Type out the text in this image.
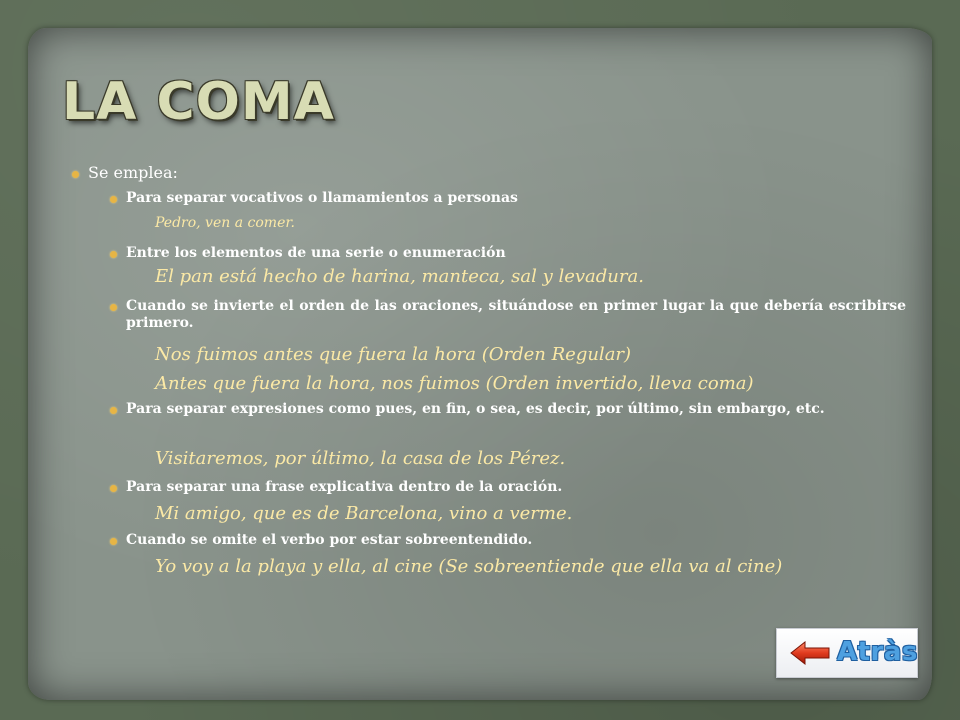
LA COMA
Se emplea:
Para separar vocativos o llamamientos a personas
Pedro, ven a comer.
Entre los elementos de una serie o enumeración
El pan está hecho de harina, manteca, sal y levadura.
Cuando se invierte el orden de las oraciones, situándose en primer lugar la que debería escribirse primero.
Nos fuimos antes que fuera la hora (Orden Regular)
Antes que fuera la hora, nos fuimos (Orden invertido, lleva coma)
Para separar expresiones como pues, en fin, o sea, es decir, por último, sin embargo, etc.
Visitaremos, por último, la casa de los Pérez.
Para separar una frase explicativa dentro de la oración.
Mi amigo, que es de Barcelona, vino a verme.
Cuando se omite el verbo por estar sobreentendido.
Yo voy a la playa y ella, al cine (Se sobreentiende que ella va al cine)
Atràs
